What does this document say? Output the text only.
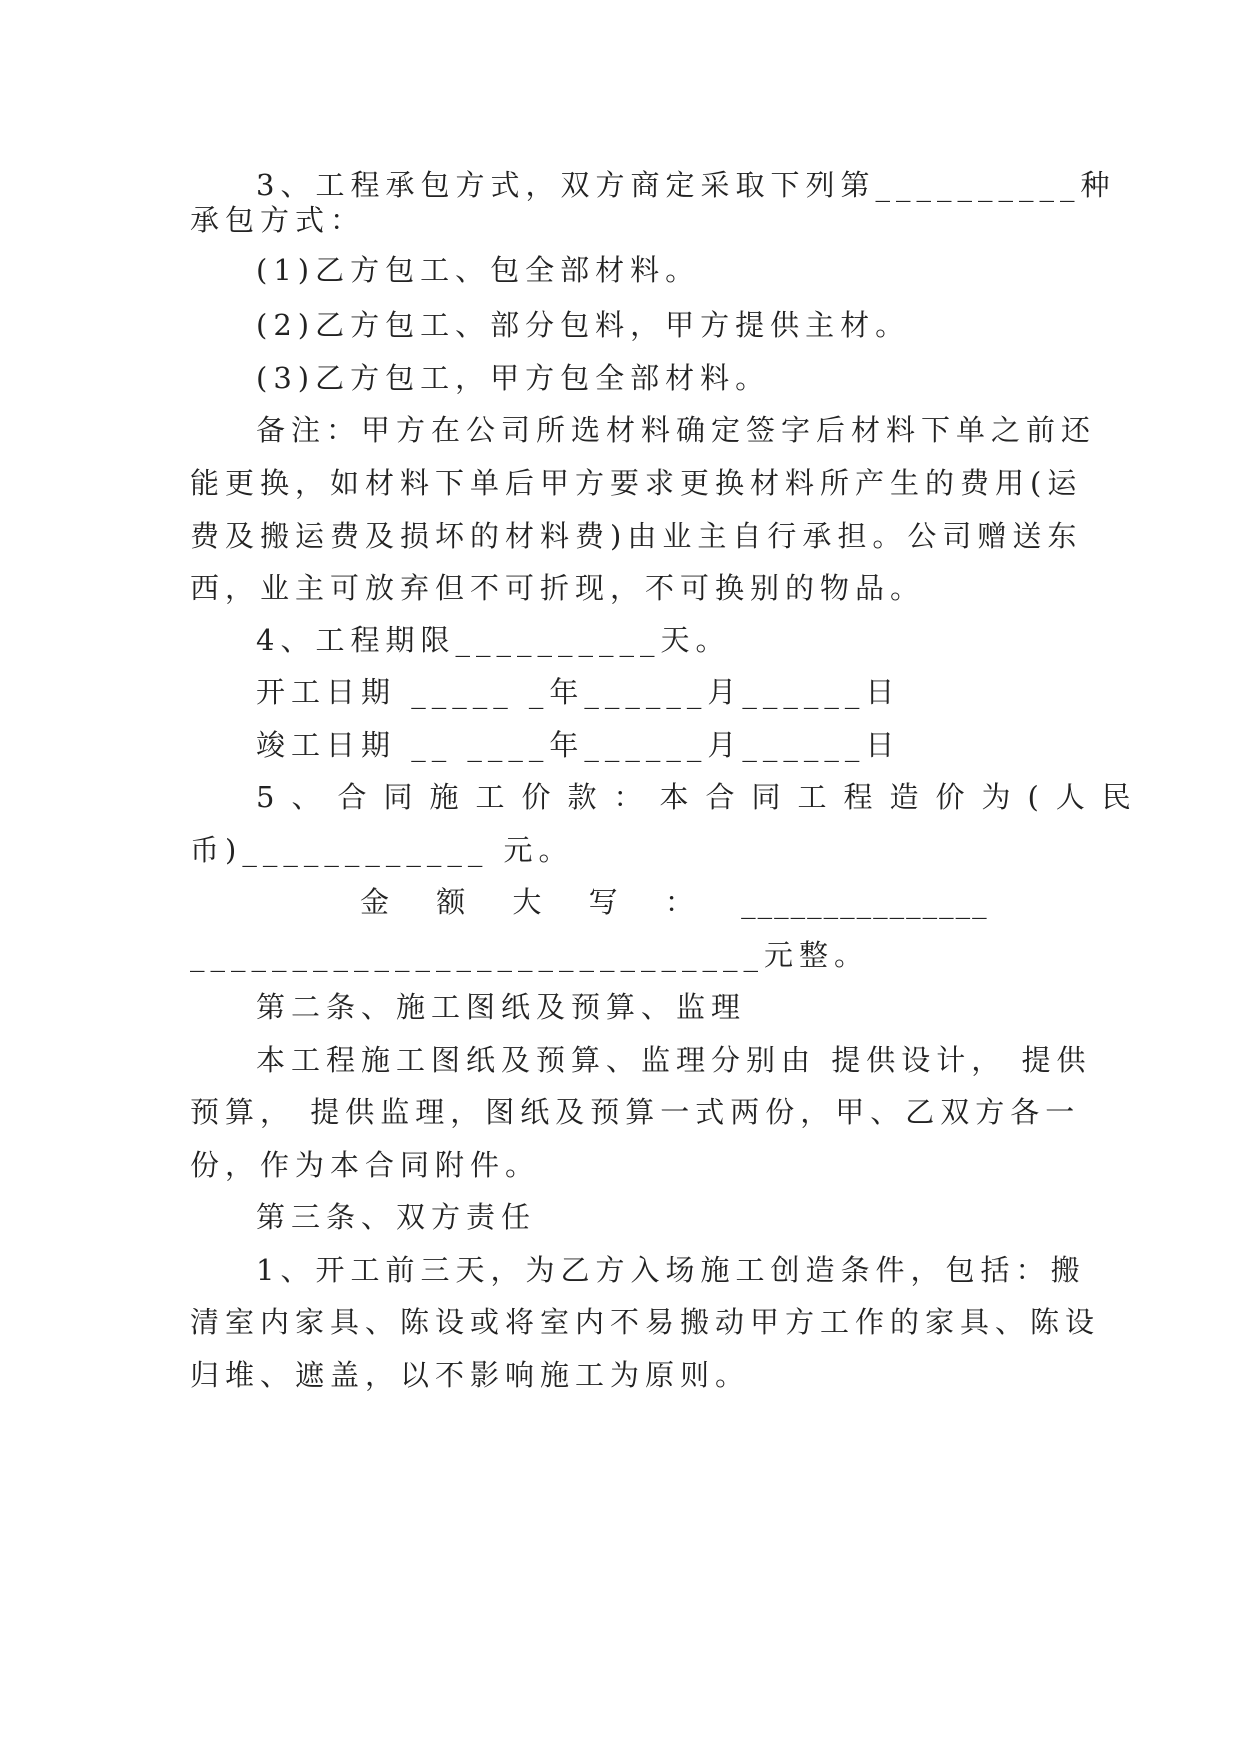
3、工程承包方式，双方商定采取下列第__________种
承包方式：
(1)乙方包工、包全部材料。
(2)乙方包工、部分包料，甲方提供主材。
(3)乙方包工，甲方包全部材料。
备注：甲方在公司所选材料确定签字后材料下单之前还
能更换，如材料下单后甲方要求更换材料所产生的费用(运
费及搬运费及损坏的材料费)由业主自行承担。公司赠送东
西，业主可放弃但不可折现，不可换别的物品。
4、工程期限__________天。
开工日期 _____ _年______月______日
竣工日期 __ ____年______月______日
5、合同施工价款：本合同工程造价为(人民
币)____________ 元。
金 额 大 写 ： _______________
____________________________元整。
第二条、施工图纸及预算、监理
本工程施工图纸及预算、监理分别由 提供设计， 提供
预算， 提供监理，图纸及预算一式两份，甲、乙双方各一
份，作为本合同附件。
第三条、双方责任
1、开工前三天，为乙方入场施工创造条件，包括：搬
清室内家具、陈设或将室内不易搬动甲方工作的家具、陈设
归堆、遮盖，以不影响施工为原则。
